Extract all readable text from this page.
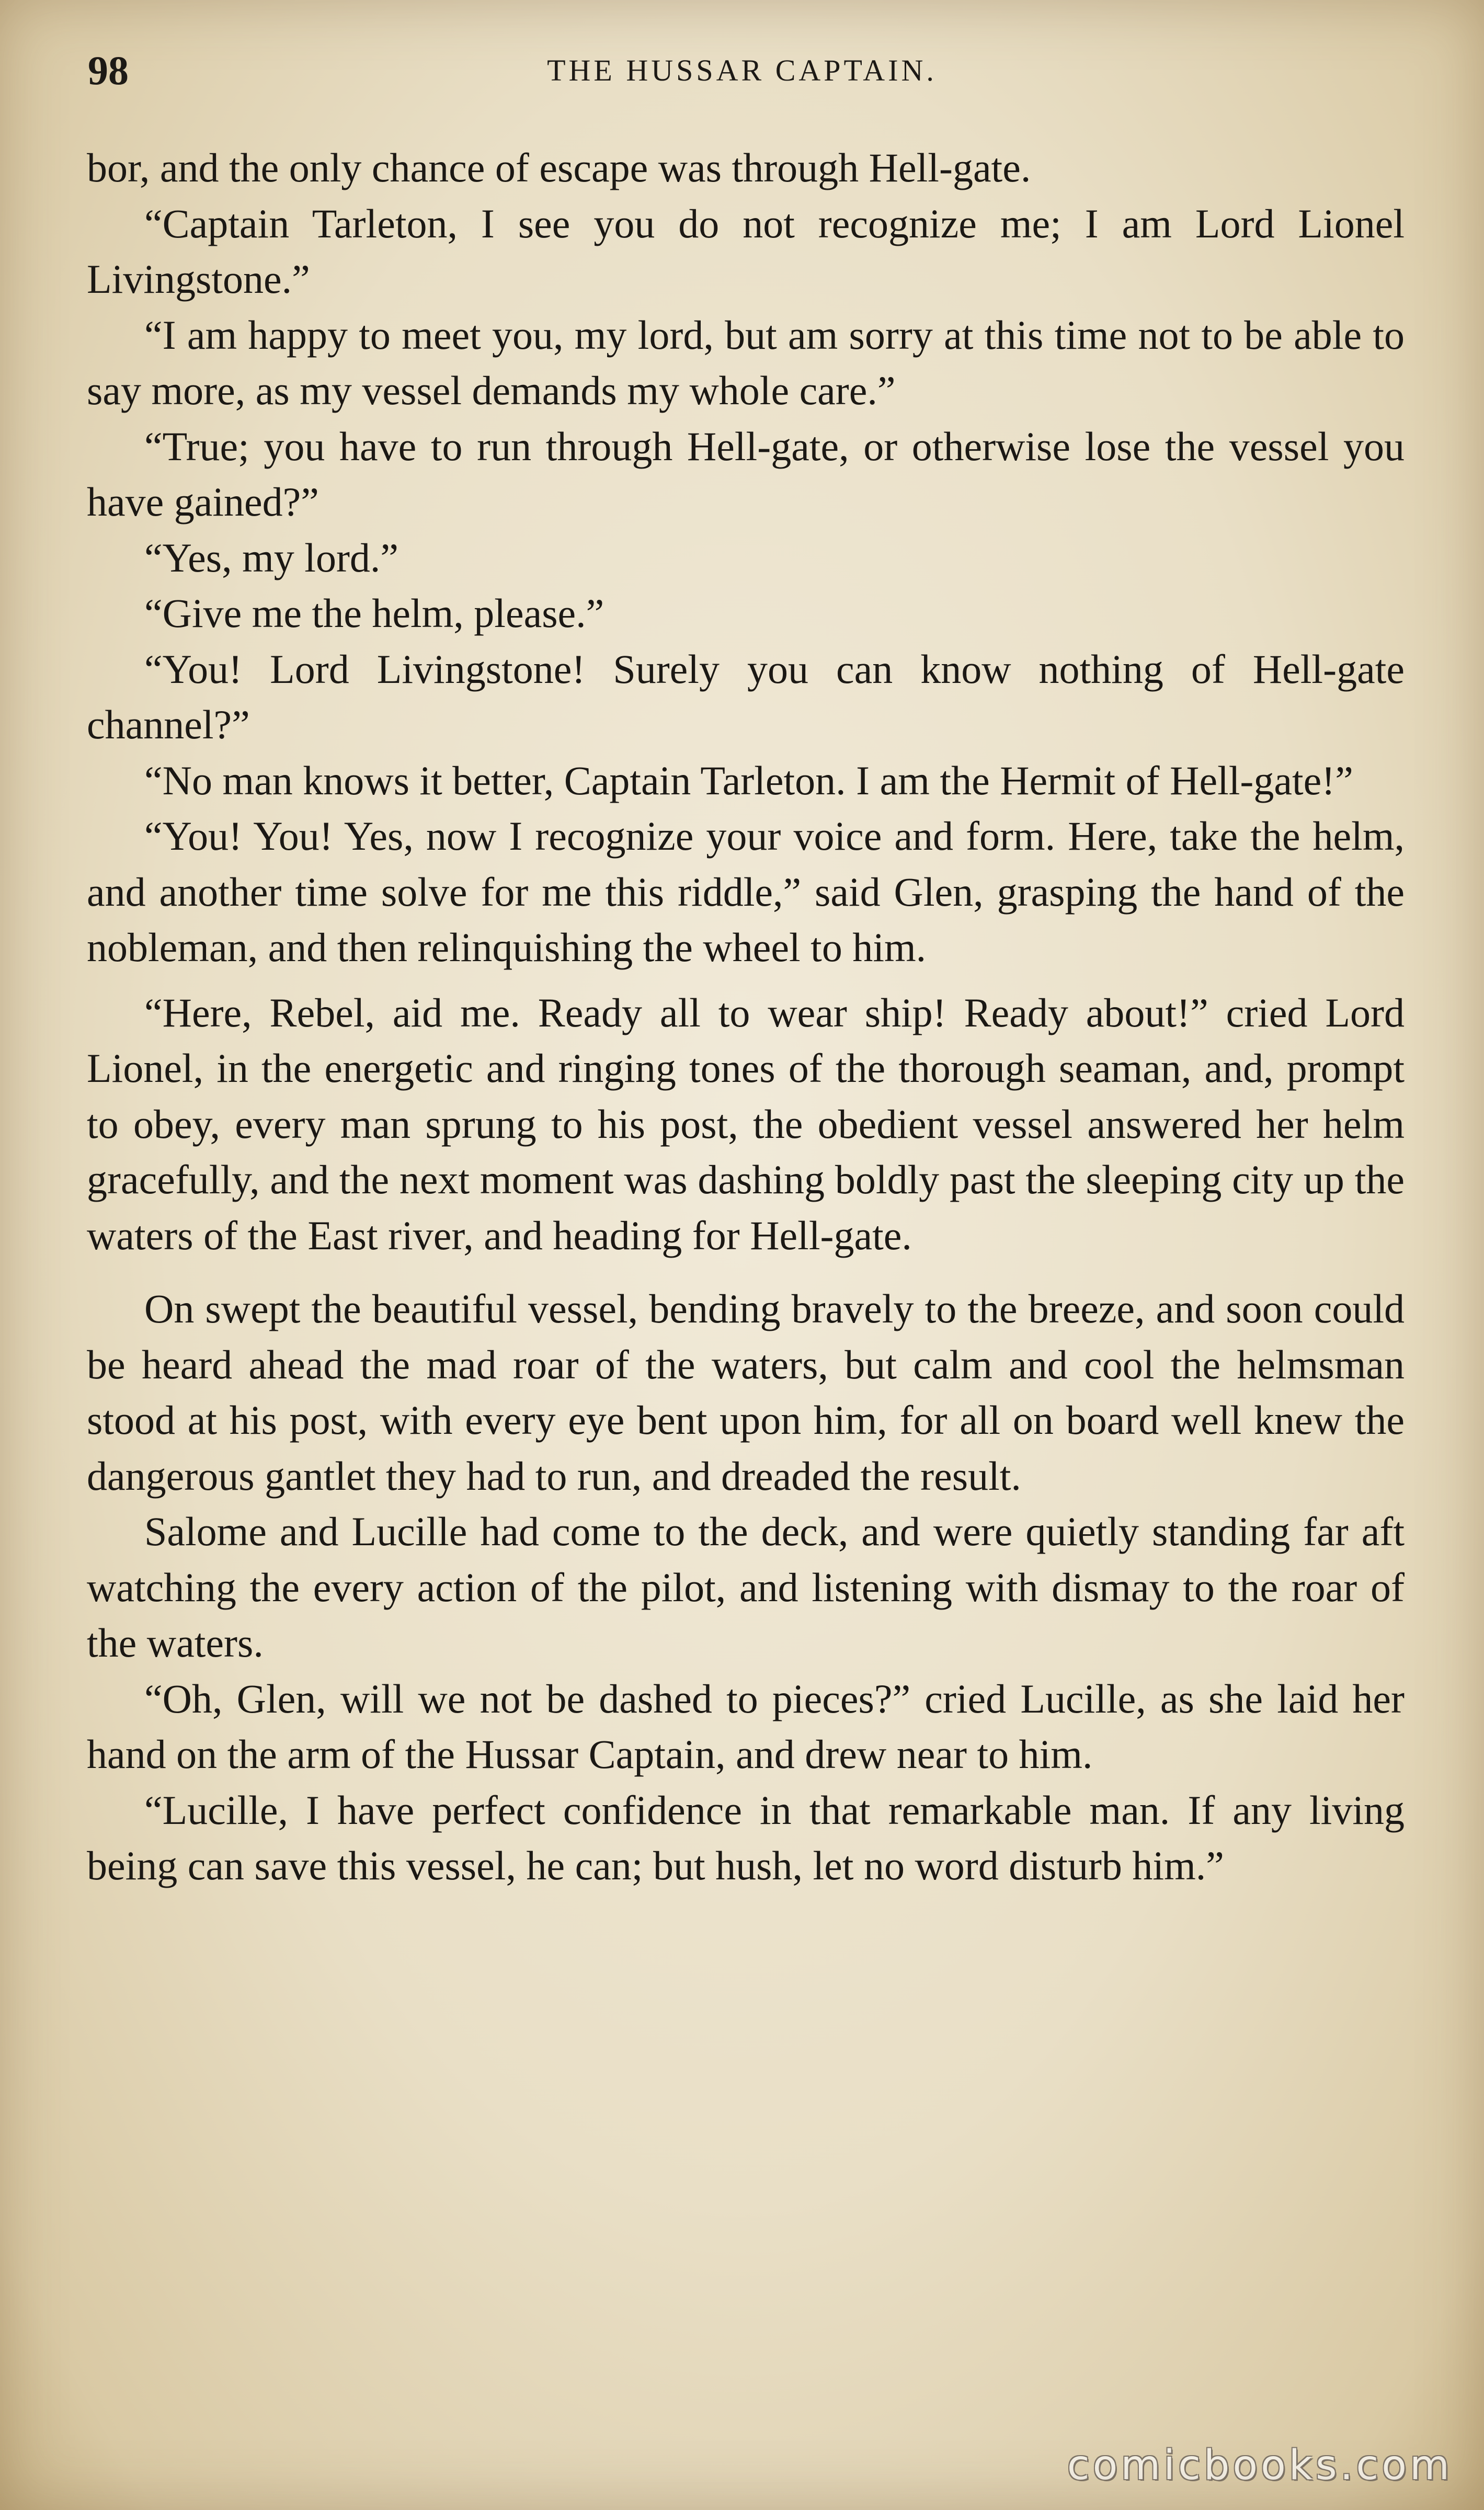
98	THE HUSSAR CAPTAIN.

bor, and the only chance of escape was through Hell-gate.

“Captain Tarleton, I see you do not recognize me; I am Lord Lionel Livingstone.”

“I am happy to meet you, my lord, but am sorry at this time not to be able to say more, as my vessel demands my whole care.”

“True; you have to run through Hell-gate, or otherwise lose the vessel you have gained?”

“Yes, my lord.”

“Give me the helm, please.”

“You! Lord Livingstone! Surely you can know nothing of Hell-gate channel?”

“No man knows it better, Captain Tarleton. I am the Hermit of Hell-gate!”

“You! You! Yes, now I recognize your voice and form. Here, take the helm, and another time solve for me this riddle,” said Glen, grasping the hand of the nobleman, and then relinquishing the wheel to him.

“Here, Rebel, aid me. Ready all to wear ship! Ready about!” cried Lord Lionel, in the energetic and ringing tones of the thorough seaman, and, prompt to obey, every man sprung to his post, the obedient vessel answered her helm gracefully, and the next moment was dashing boldly past the sleeping city up the waters of the East river, and heading for Hell-gate.

On swept the beautiful vessel, bending bravely to the breeze, and soon could be heard ahead the mad roar of the waters, but calm and cool the helmsman stood at his post, with every eye bent upon him, for all on board well knew the dangerous gantlet they had to run, and dreaded the result.

Salome and Lucille had come to the deck, and were quietly standing far aft watching the every action of the pilot, and listening with dismay to the roar of the waters.

“Oh, Glen, will we not be dashed to pieces?” cried Lucille, as she laid her hand on the arm of the Hussar Captain, and drew near to him.

“Lucille, I have perfect confidence in that remarkable man. If any living being can save this vessel, he can; but hush, let no word disturb him.”

comicbooks.com
